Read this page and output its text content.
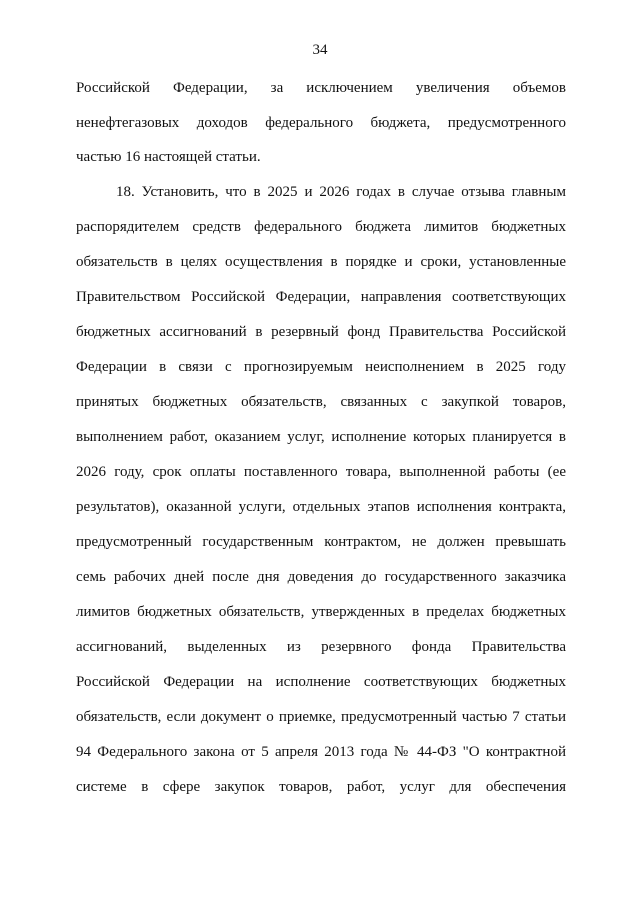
34
Российской Федерации, за исключением увеличения объемов
ненефтегазовых доходов федерального бюджета, предусмотренного
частью 16 настоящей статьи.
18. Установить, что в 2025 и 2026 годах в случае отзыва главным
распорядителем средств федерального бюджета лимитов бюджетных
обязательств в целях осуществления в порядке и сроки, установленные
Правительством Российской Федерации, направления соответствующих
бюджетных ассигнований в резервный фонд Правительства Российской
Федерации в связи с прогнозируемым неисполнением в 2025 году
принятых бюджетных обязательств, связанных с закупкой товаров,
выполнением работ, оказанием услуг, исполнение которых планируется в
2026 году, срок оплаты поставленного товара, выполненной работы (ее
результатов), оказанной услуги, отдельных этапов исполнения контракта,
предусмотренный государственным контрактом, не должен превышать
семь рабочих дней после дня доведения до государственного заказчика
лимитов бюджетных обязательств, утвержденных в пределах бюджетных
ассигнований, выделенных из резервного фонда Правительства
Российской Федерации на исполнение соответствующих бюджетных
обязательств, если документ о приемке, предусмотренный частью 7 статьи
94 Федерального закона от 5 апреля 2013 года № 44-ФЗ "О контрактной
системе в сфере закупок товаров, работ, услуг для обеспечения
